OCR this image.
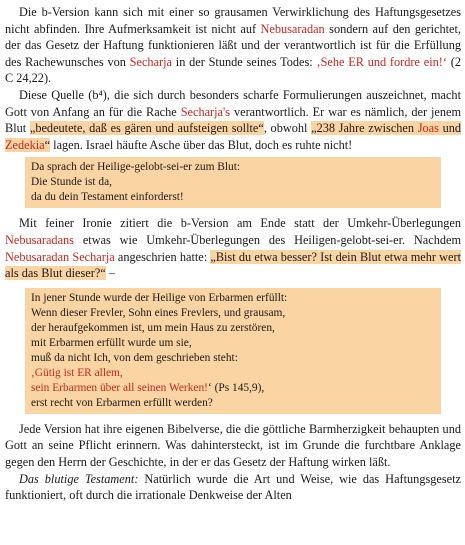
Die b-Version kann sich mit einer so grausamen Verwirklichung des Haftungsgesetzes nicht abfinden. Ihre Aufmerksamkeit ist nicht auf Nebusaradan sondern auf den gerichtet, der das Gesetz der Haftung funktionieren läßt und der verantwortlich ist für die Erfüllung des Rachewunsches von Secharja in der Stunde seines Todes: ‚Sehe ER und fordre ein!‘ (2 C 24,22).

Diese Quelle (b⁴), die sich durch besonders scharfe Formulierungen auszeichnet, macht Gott von Anfang an für die Rache Secharja's verantwortlich. Er war es nämlich, der jenem Blut „bedeutete, daß es gären und aufsteigen sollte“, obwohl „238 Jahre zwischen Joas und Zedekia“ lagen. Israel häufte Asche über das Blut, doch es ruhte nicht!

Da sprach der Heilige-gelobt-sei-er zum Blut:
Die Stunde ist da,
da du dein Testament einforderst!

Mit feiner Ironie zitiert die b-Version am Ende statt der Umkehr-Überlegungen Nebusaradans etwas wie Umkehr-Überlegungen des Heiligen-gelobt-sei-er. Nachdem Nebusaradan Secharja angeschrien hatte: „Bist du etwa besser? Ist dein Blut etwa mehr wert als das Blut dieser?“ –

In jener Stunde wurde der Heilige von Erbarmen erfüllt:
Wenn dieser Frevler, Sohn eines Frevlers, und grausam,
der heraufgekommen ist, um mein Haus zu zerstören,
mit Erbarmen erfüllt wurde um sie,
muß da nicht Ich, von dem geschrieben steht:
‚Gütig ist ER allem,
sein Erbarmen über all seinen Werken!‘ (Ps 145,9),
erst recht von Erbarmen erfüllt werden?

Jede Version hat ihre eigenen Bibelverse, die die göttliche Barmherzigkeit behaupten und Gott an seine Pflicht erinnern. Was dahintersteckt, ist im Grunde die furchtbare Anklage gegen den Herrn der Geschichte, in der er das Gesetz der Haftung wirken läßt.

Das blutige Testament: Natürlich wurde die Art und Weise, wie das Haftungsgesetz funktioniert, oft durch die irrationale Denkweise der Alten
